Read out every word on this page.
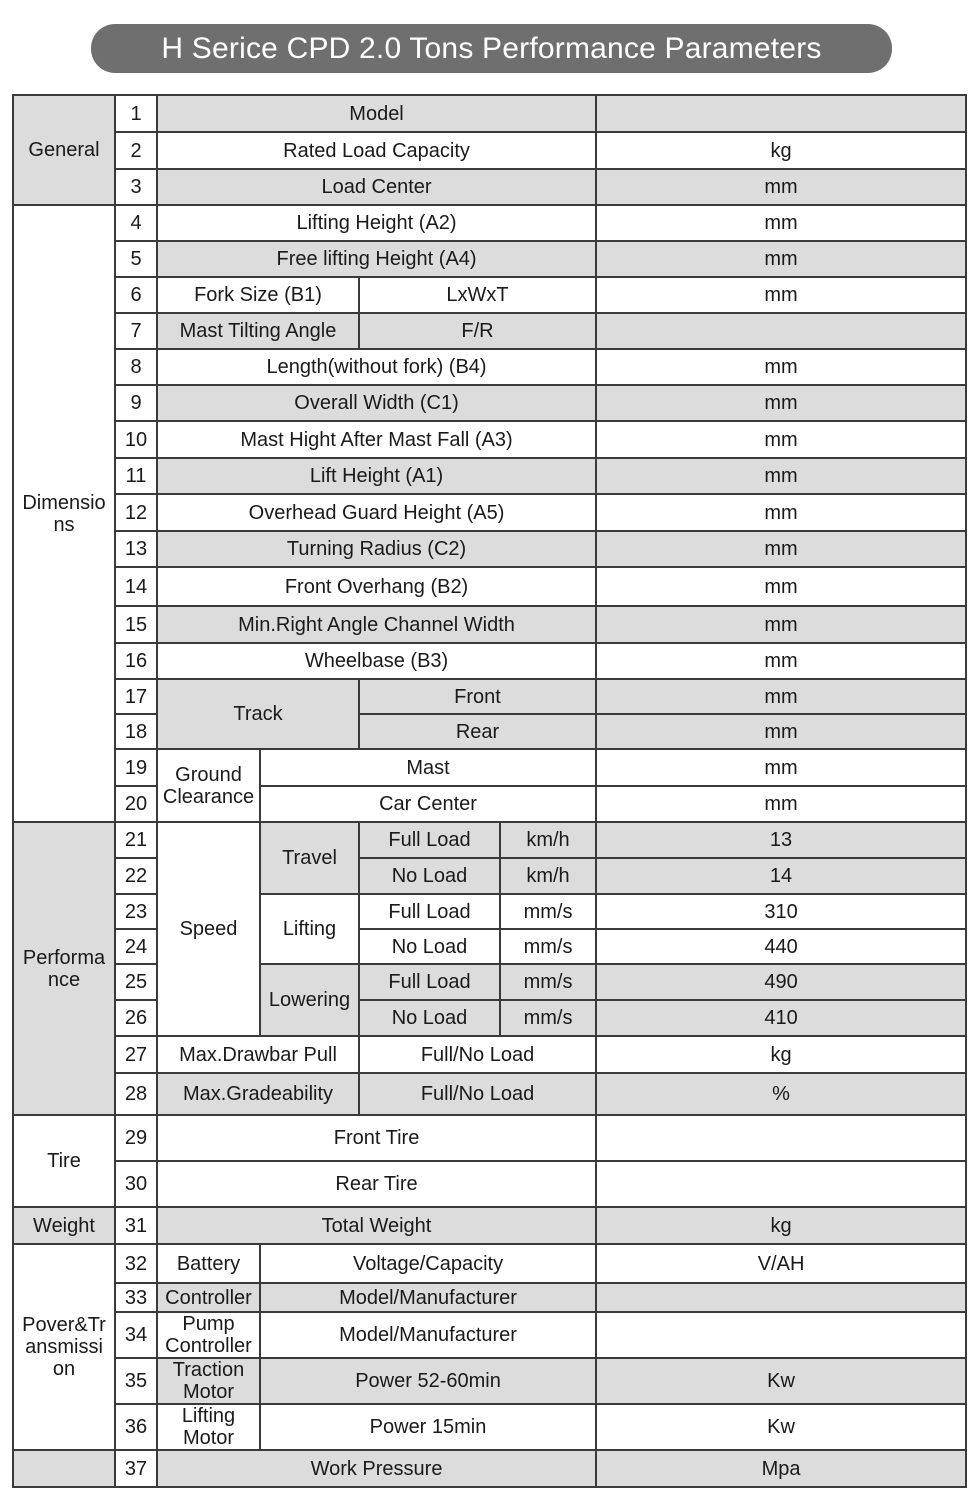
H Serice CPD 2.0 Tons Performance Parameters
General	1	Model		
	2	Rated Load Capacity				kg	
	3	Load Center				mm	
Dimensio ns	4	Lifting Height (A2)				mm	
	5	Free lifting Height (A4)				mm	
	6	Fork Size (B1)		LxWxT		mm	
	7	Mast Tilting Angle		F/R		
	8	Length(without fork) (B4)				mm	
	9	Overall Width (C1)				mm	
	10	Mast Hight After Mast Fall (A3)				mm	
	11	Lift Height (A1)				mm	
	12	Overhead Guard Height (A5)				mm	
	13	Turning Radius (C2)				mm	
	14	Front Overhang (B2)				mm	
	15	Min.Right Angle Channel Width				mm	
	16	Wheelbase (B3)				mm	
	17	Track		Front		mm	
	18			Rear		mm	
	19	Ground Clearance	Mast			mm	
	20		Car Center			mm	
Performa nce	21	Speed	Travel	Full Load	km/h	13	
	22			No Load	km/h	14	
	23		Lifting	Full Load	mm/s	310	
	24			No Load	mm/s	440	
	25		Lowering	Full Load	mm/s	490	
	26			No Load	mm/s	410	
	27	Max.Drawbar Pull		Full/No Load		kg	
	28	Max.Gradeability		Full/No Load		%	
Tire	29	Front Tire		
	30	Rear Tire		
Weight	31	Total Weight				kg	
Pover&Tr ansmissi on	32	Battery	Voltage/Capacity			V/AH	
	33	Controller	Model/Manufacturer		
	34	Pump Controller	Model/Manufacturer		
	35	Traction Motor	Power 52-60min			Kw	
	36	Lifting Motor	Power 15min			Kw	
	37	Work Pressure				Mpa	
